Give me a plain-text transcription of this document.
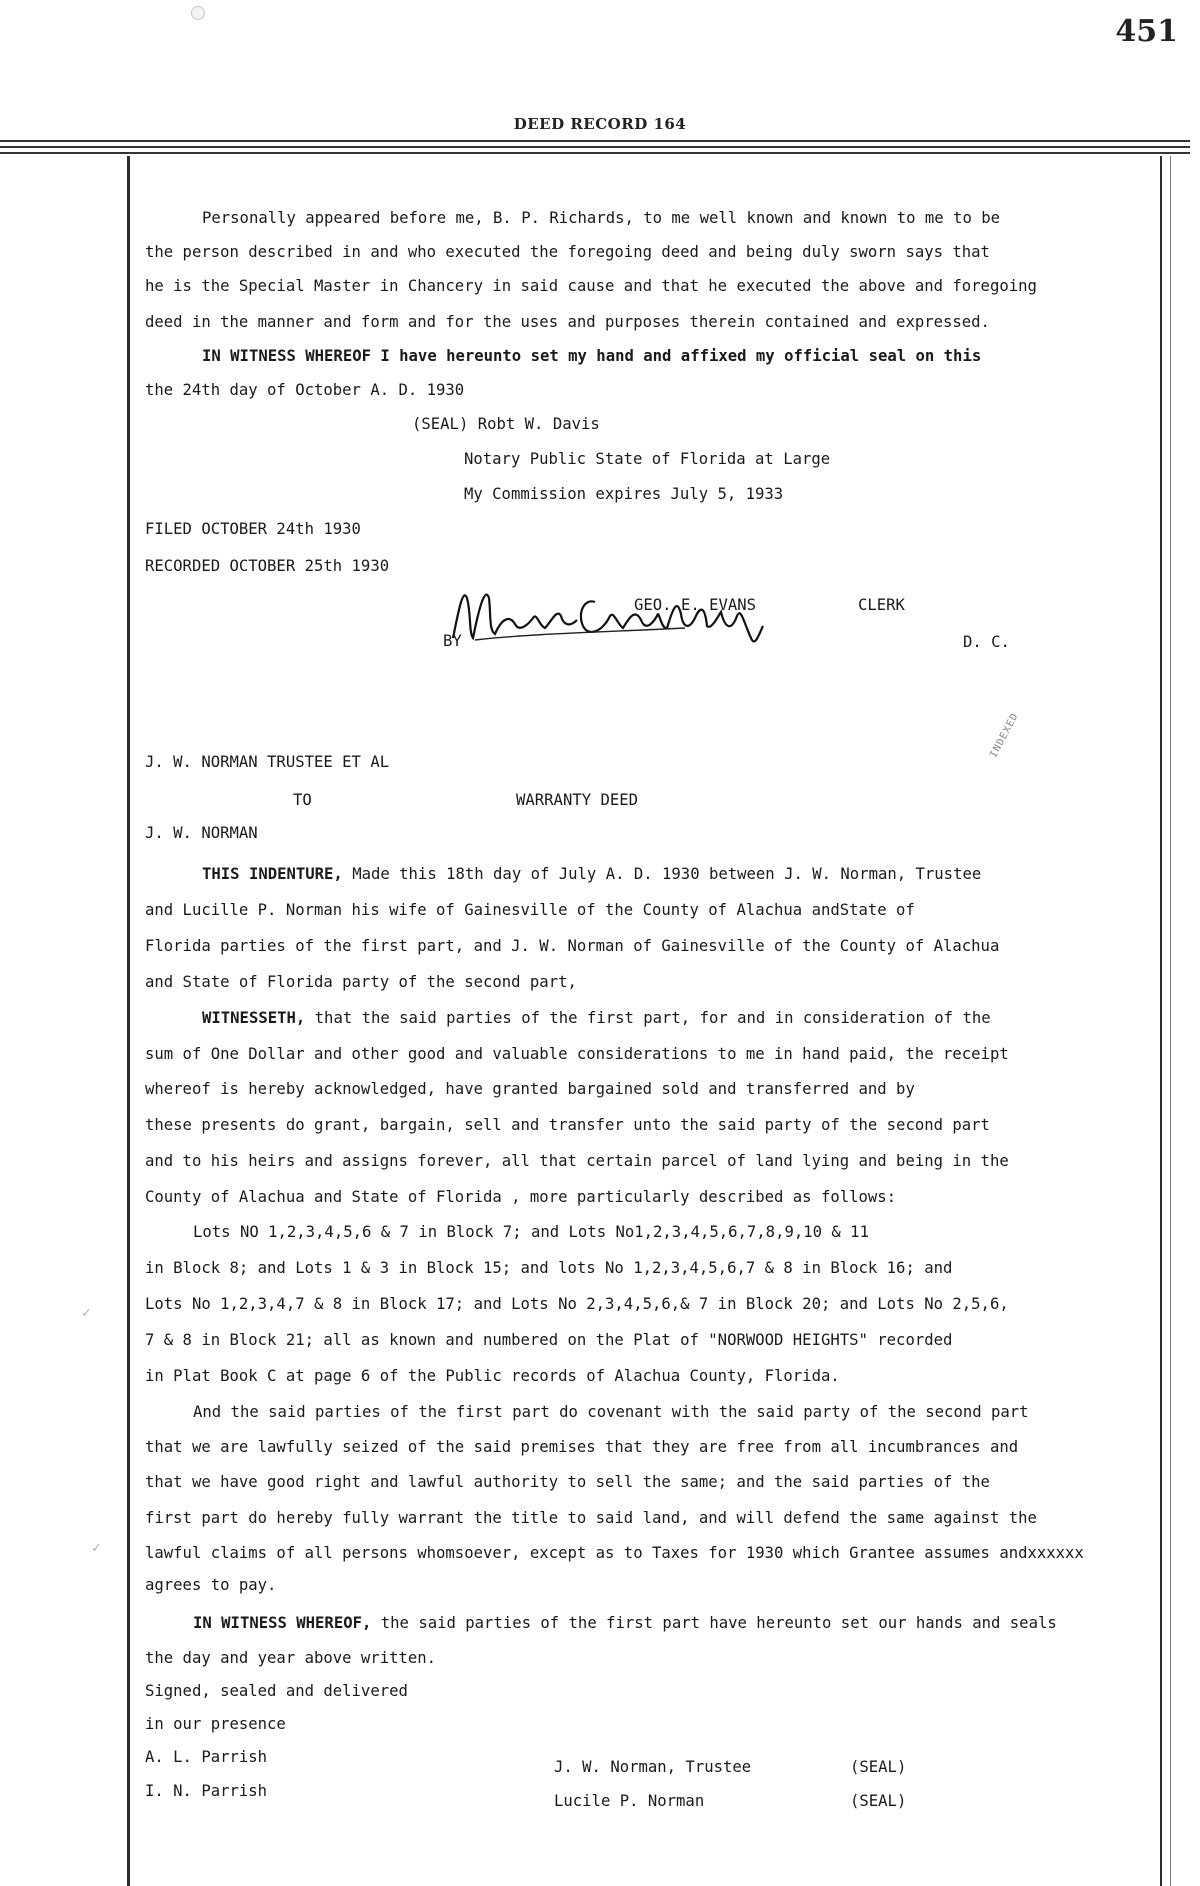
451
DEED RECORD 164
✓
✓
Personally appeared before me, B. P. Richards, to me well known and known to me to be
the person described in and who executed the foregoing deed and being duly sworn says that
he is the Special Master in Chancery in said cause and that he executed the above and foregoing
deed in the manner and form and for the uses and purposes therein contained and expressed.
IN WITNESS WHEREOF I have hereunto set my hand and affixed my official seal on this
the 24th day of October A. D. 1930
(SEAL) Robt W. Davis
Notary Public State of Florida at Large
My Commission expires July 5, 1933
FILED OCTOBER 24th 1930
RECORDED OCTOBER 25th 1930
GEO. E. EVANS	CLERK
BY	D. C.
J. W. NORMAN TRUSTEE ET AL
TO	WARRANTY DEED
J. W. NORMAN
THIS INDENTURE, Made this 18th day of July A. D. 1930 between J. W. Norman, Trustee
and Lucille P. Norman his wife of Gainesville of the County of Alachua andState of
Florida parties of the first part, and J. W. Norman of Gainesville of the County of Alachua
and State of Florida party of the second part,
WITNESSETH, that the said parties of the first part, for and in consideration of the
sum of One Dollar and other good and valuable considerations to me in hand paid, the receipt
whereof is hereby acknowledged, have granted bargained sold and transferred and by
these presents do grant, bargain, sell and transfer unto the said party of the second part
and to his heirs and assigns forever, all that certain parcel of land lying and being in the
County of Alachua and State of Florida , more particularly described as follows:
Lots NO 1,2,3,4,5,6 & 7 in Block 7; and Lots No1,2,3,4,5,6,7,8,9,10 & 11
in Block 8; and Lots 1 & 3 in Block 15; and lots No 1,2,3,4,5,6,7 & 8 in Block 16; and
Lots No 1,2,3,4,7 & 8 in Block 17; and Lots No 2,3,4,5,6,& 7 in Block 20; and Lots No 2,5,6,
7 & 8 in Block 21; all as known and numbered on the Plat of "NORWOOD HEIGHTS" recorded
in Plat Book C at page 6 of the Public records of Alachua County, Florida.
And the said parties of the first part do covenant with the said party of the second part
that we are lawfully seized of the said premises that they are free from all incumbrances and
that we have good right and lawful authority to sell the same; and the said parties of the
first part do hereby fully warrant the title to said land, and will defend the same against the
lawful claims of all persons whomsoever, except as to Taxes for 1930 which Grantee assumes andxxxxxx
agrees to pay.
IN WITNESS WHEREOF, the said parties of the first part have hereunto set our hands and seals
the day and year above written.
Signed, sealed and delivered
in our presence
A. L. Parrish
I. N. Parrish
J. W. Norman, Trustee	(SEAL)
Lucile P. Norman	(SEAL)
INDEXED
